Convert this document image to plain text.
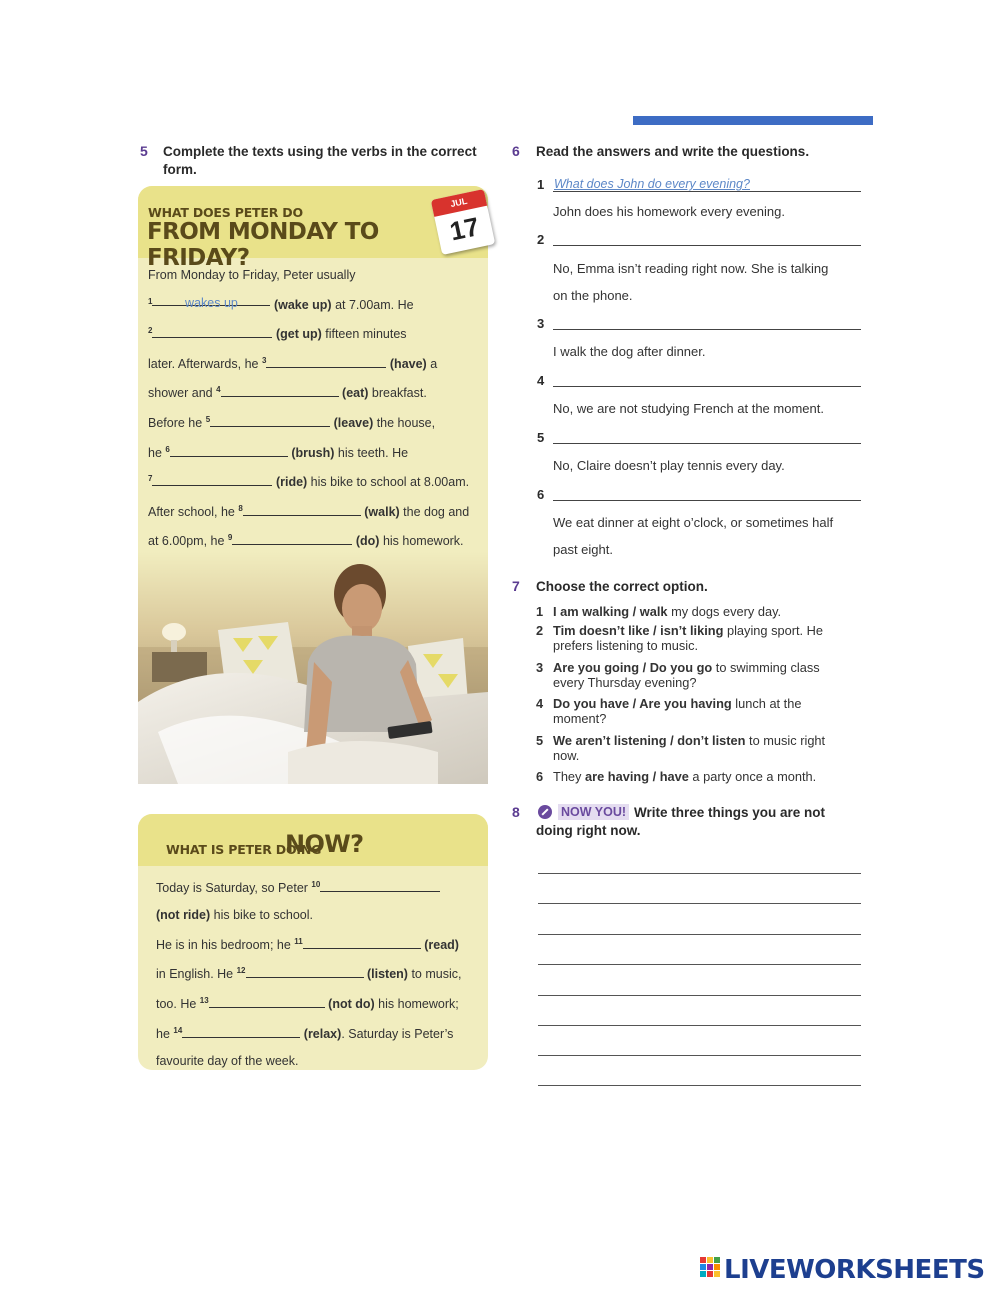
5 Complete the texts using the verbs in the correct
form.
WHAT DOES PETER DO
FROM MONDAY TO FRIDAY?
JUL
17
From Monday to Friday, Peter usually
$^1$	wakes up	(wake up) at 7.00am. He
$^2$	(get up) fifteen minutes
later. Afterwards, he $^3$	(have) a
shower and $^4$	(eat) breakfast.
Before he $^5$	(leave) the house,
he $^6$	(brush) his teeth. He
$^7$	(ride) his bike to school at 8.00am.
After school, he $^8$	(walk) the dog and
at 6.00pm, he $^9$	(do) his homework.
WHAT IS PETER DOING
NOW?
Today is Saturday, so Peter $^{10}$
(not ride) his bike to school.
He is in his bedroom; he $^{11}$	(read)
in English. He $^{12}$	(listen) to music,
too. He $^{13}$	(not do) his homework;
he $^{14}$	(relax). Saturday is Peter’s
favourite day of the week.
6 Read the answers and write the questions.
1 What does John do every evening?
John does his homework every evening.
2
No, Emma isn’t reading right now. She is talking
on the phone.
3
I walk the dog after dinner.
4
No, we are not studying French at the moment.
5
No, Claire doesn’t play tennis every day.
6
We eat dinner at eight o’clock, or sometimes half
past eight.
7 Choose the correct option.
1 I am walking / walk my dogs every day.
2 Tim doesn’t like / isn’t liking playing sport. He
prefers listening to music.
3 Are you going / Do you go to swimming class
every Thursday evening?
4 Do you have / Are you having lunch at the
moment?
5 We aren’t listening / don’t listen to music right
now.
6 They are having / have a party once a month.
8	NOW YOU! Write three things you are not
doing right now.
LIVEWORKSHEETS
